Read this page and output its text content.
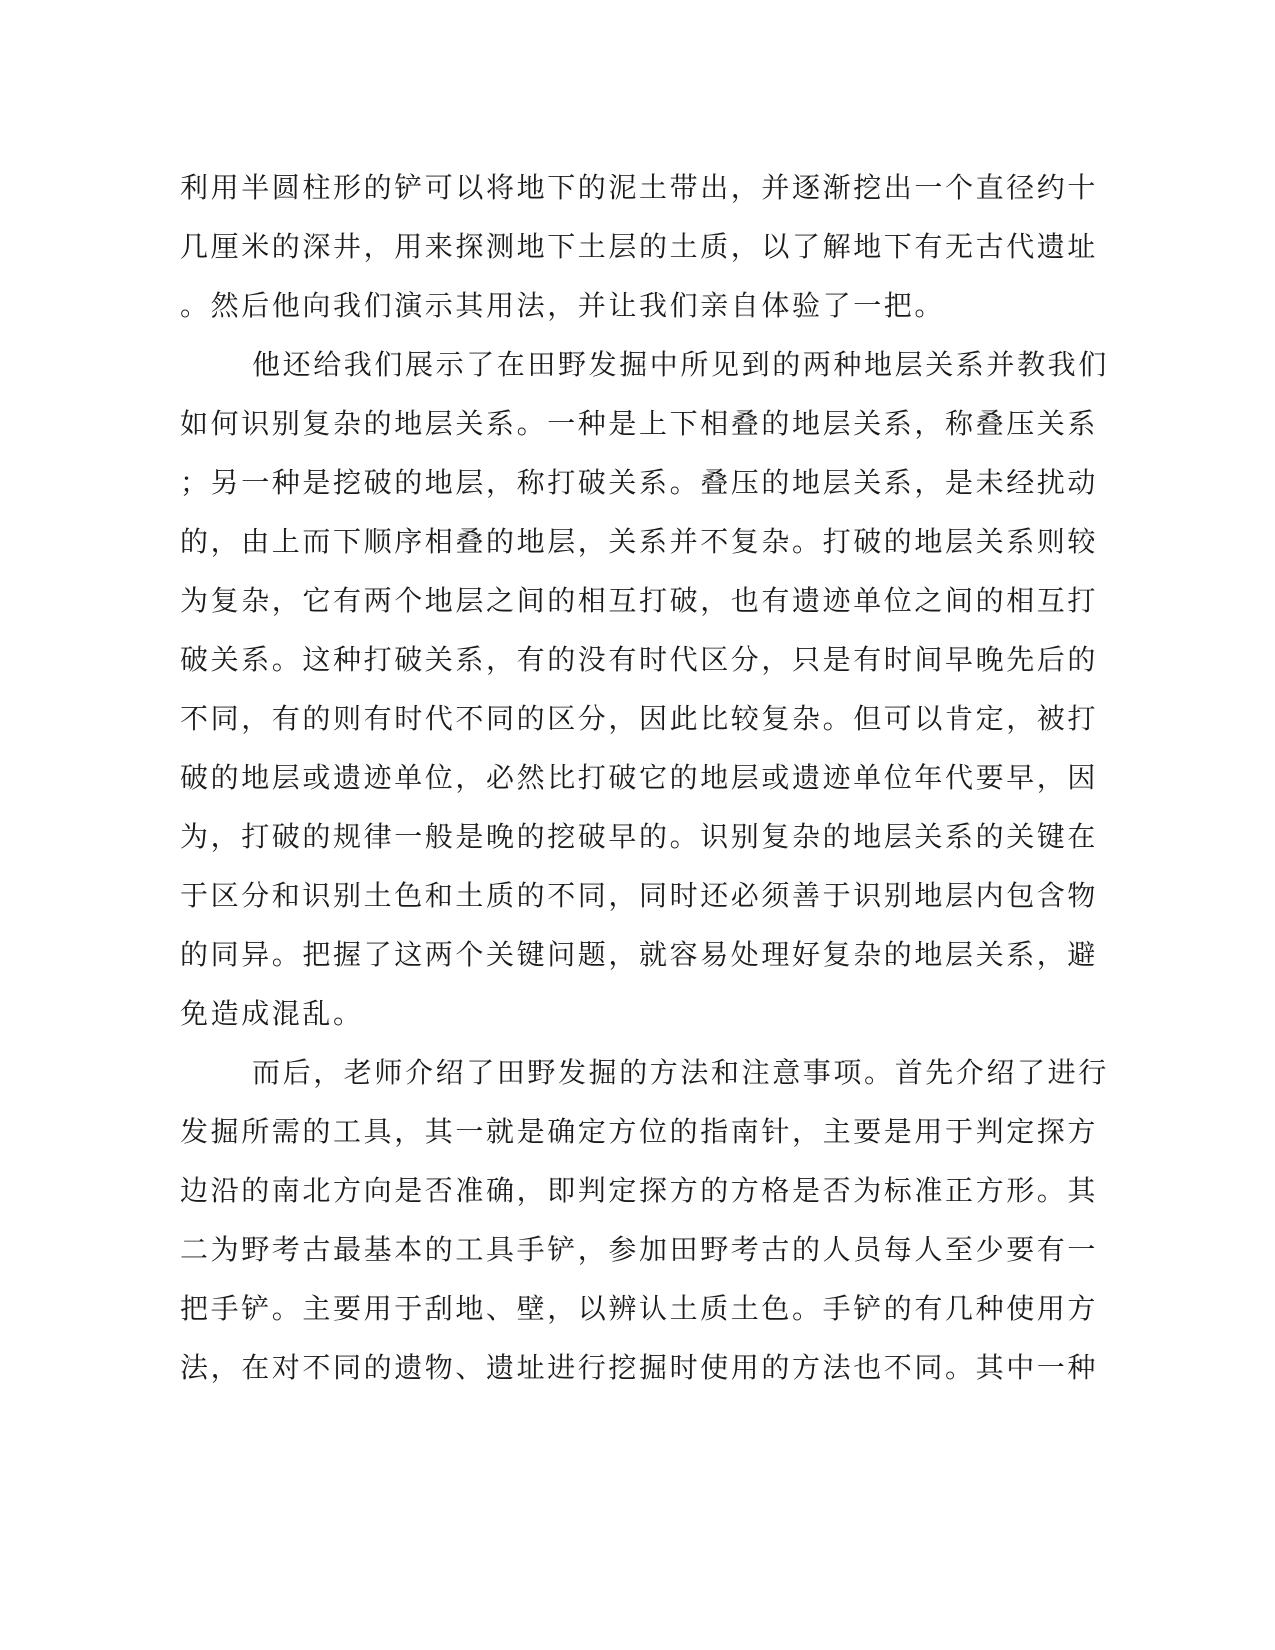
利用半圆柱形的铲可以将地下的泥土带出，并逐渐挖出一个直径约十
几厘米的深井，用来探测地下土层的土质，以了解地下有无古代遗址
。然后他向我们演示其用法，并让我们亲自体验了一把。
他还给我们展示了在田野发掘中所见到的两种地层关系并教我们
如何识别复杂的地层关系。一种是上下相叠的地层关系，称叠压关系
；另一种是挖破的地层，称打破关系。叠压的地层关系，是未经扰动
的，由上而下顺序相叠的地层，关系并不复杂。打破的地层关系则较
为复杂，它有两个地层之间的相互打破，也有遗迹单位之间的相互打
破关系。这种打破关系，有的没有时代区分，只是有时间早晚先后的
不同，有的则有时代不同的区分，因此比较复杂。但可以肯定，被打
破的地层或遗迹单位，必然比打破它的地层或遗迹单位年代要早，因
为，打破的规律一般是晚的挖破早的。识别复杂的地层关系的关键在
于区分和识别土色和土质的不同，同时还必须善于识别地层内包含物
的同异。把握了这两个关键问题，就容易处理好复杂的地层关系，避
免造成混乱。
而后，老师介绍了田野发掘的方法和注意事项。首先介绍了进行
发掘所需的工具，其一就是确定方位的指南针，主要是用于判定探方
边沿的南北方向是否准确，即判定探方的方格是否为标准正方形。其
二为野考古最基本的工具手铲，参加田野考古的人员每人至少要有一
把手铲。主要用于刮地、壁，以辨认土质土色。手铲的有几种使用方
法，在对不同的遗物、遗址进行挖掘时使用的方法也不同。其中一种
